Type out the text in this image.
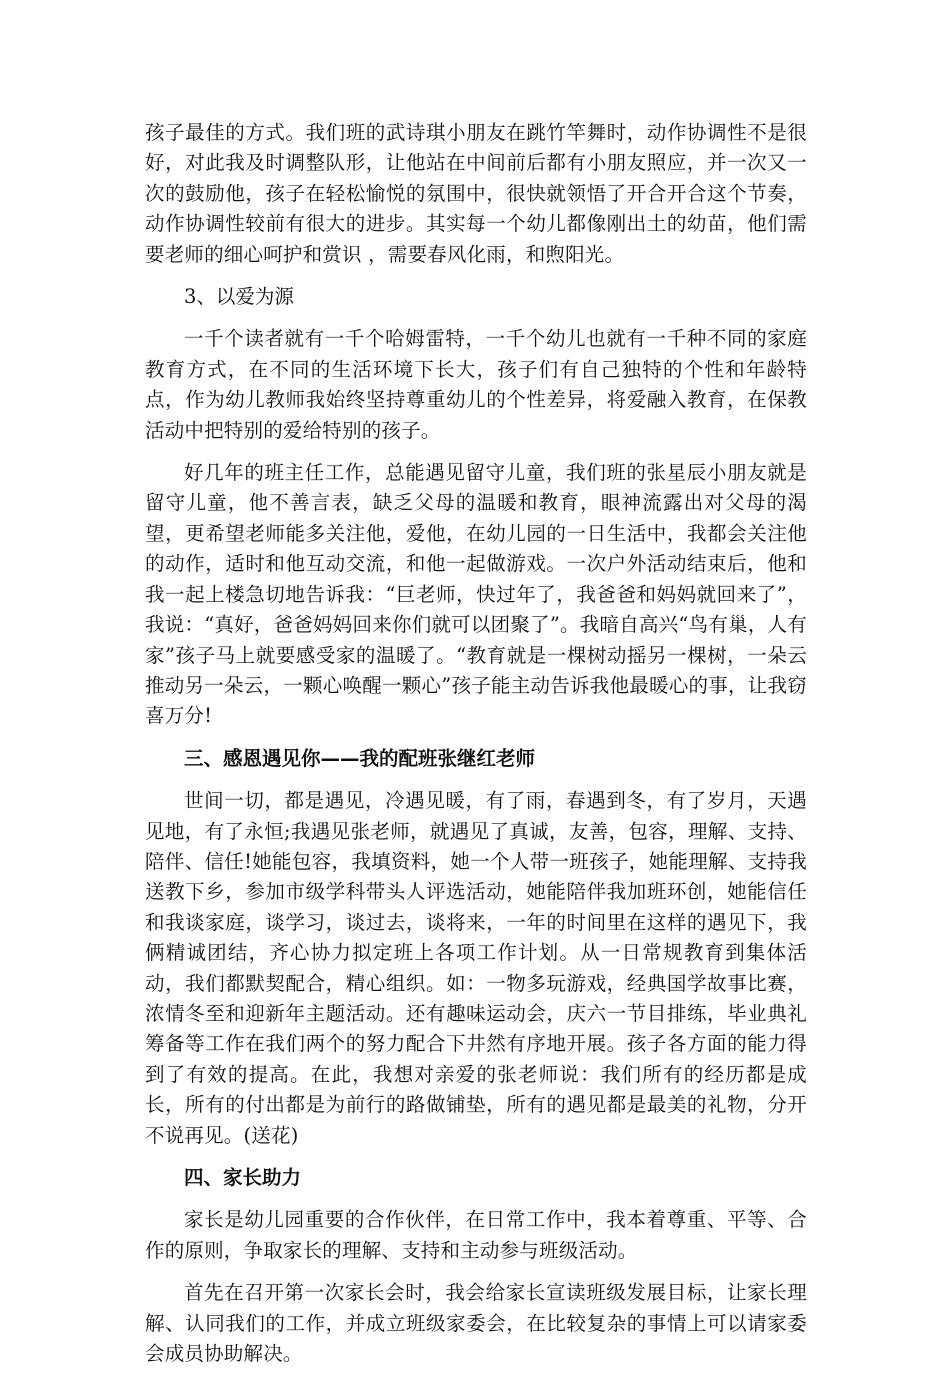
孩子最佳的方式。我们班的武诗琪小朋友在跳竹竿舞时，动作协调性不是很好，对此我及时调整队形，让他站在中间前后都有小朋友照应，并一次又一次的鼓励他，孩子在轻松愉悦的氛围中，很快就领悟了开合开合这个节奏，动作协调性较前有很大的进步。其实每一个幼儿都像刚出土的幼苗，他们需要老师的细心呵护和赏识 ，需要春风化雨，和煦阳光。

3、以爱为源

一千个读者就有一千个哈姆雷特，一千个幼儿也就有一千种不同的家庭教育方式，在不同的生活环境下长大，孩子们有自己独特的个性和年龄特点，作为幼儿教师我始终坚持尊重幼儿的个性差异，将爱融入教育，在保教活动中把特别的爱给特别的孩子。

好几年的班主任工作，总能遇见留守儿童，我们班的张星辰小朋友就是留守儿童，他不善言表，缺乏父母的温暖和教育，眼神流露出对父母的渴望，更希望老师能多关注他，爱他，在幼儿园的一日生活中，我都会关注他的动作，适时和他互动交流，和他一起做游戏。一次户外活动结束后，他和我一起上楼急切地告诉我：“巨老师，快过年了，我爸爸和妈妈就回来了”，我说：“真好，爸爸妈妈回来你们就可以团聚了”。我暗自高兴“鸟有巢，人有家”孩子马上就要感受家的温暖了。“教育就是一棵树动摇另一棵树，一朵云推动另一朵云，一颗心唤醒一颗心”孩子能主动告诉我他最暖心的事，让我窃喜万分!

三、感恩遇见你——我的配班张继红老师

世间一切，都是遇见，冷遇见暖，有了雨，春遇到冬，有了岁月，天遇见地，有了永恒;我遇见张老师，就遇见了真诚，友善，包容，理解、支持、陪伴、信任!她能包容，我填资料，她一个人带一班孩子，她能理解、支持我送教下乡，参加市级学科带头人评选活动，她能陪伴我加班环创，她能信任和我谈家庭，谈学习，谈过去，谈将来，一年的时间里在这样的遇见下，我俩精诚团结，齐心协力拟定班上各项工作计划。从一日常规教育到集体活动，我们都默契配合，精心组织。如：一物多玩游戏，经典国学故事比赛，浓情冬至和迎新年主题活动。还有趣味运动会，庆六一节目排练，毕业典礼筹备等工作在我们两个的努力配合下井然有序地开展。孩子各方面的能力得到了有效的提高。在此，我想对亲爱的张老师说：我们所有的经历都是成长，所有的付出都是为前行的路做铺垫，所有的遇见都是最美的礼物，分开不说再见。(送花)

四、家长助力

家长是幼儿园重要的合作伙伴，在日常工作中，我本着尊重、平等、合作的原则，争取家长的理解、支持和主动参与班级活动。

首先在召开第一次家长会时，我会给家长宣读班级发展目标，让家长理解、认同我们的工作，并成立班级家委会，在比较复杂的事情上可以请家委会成员协助解决。
